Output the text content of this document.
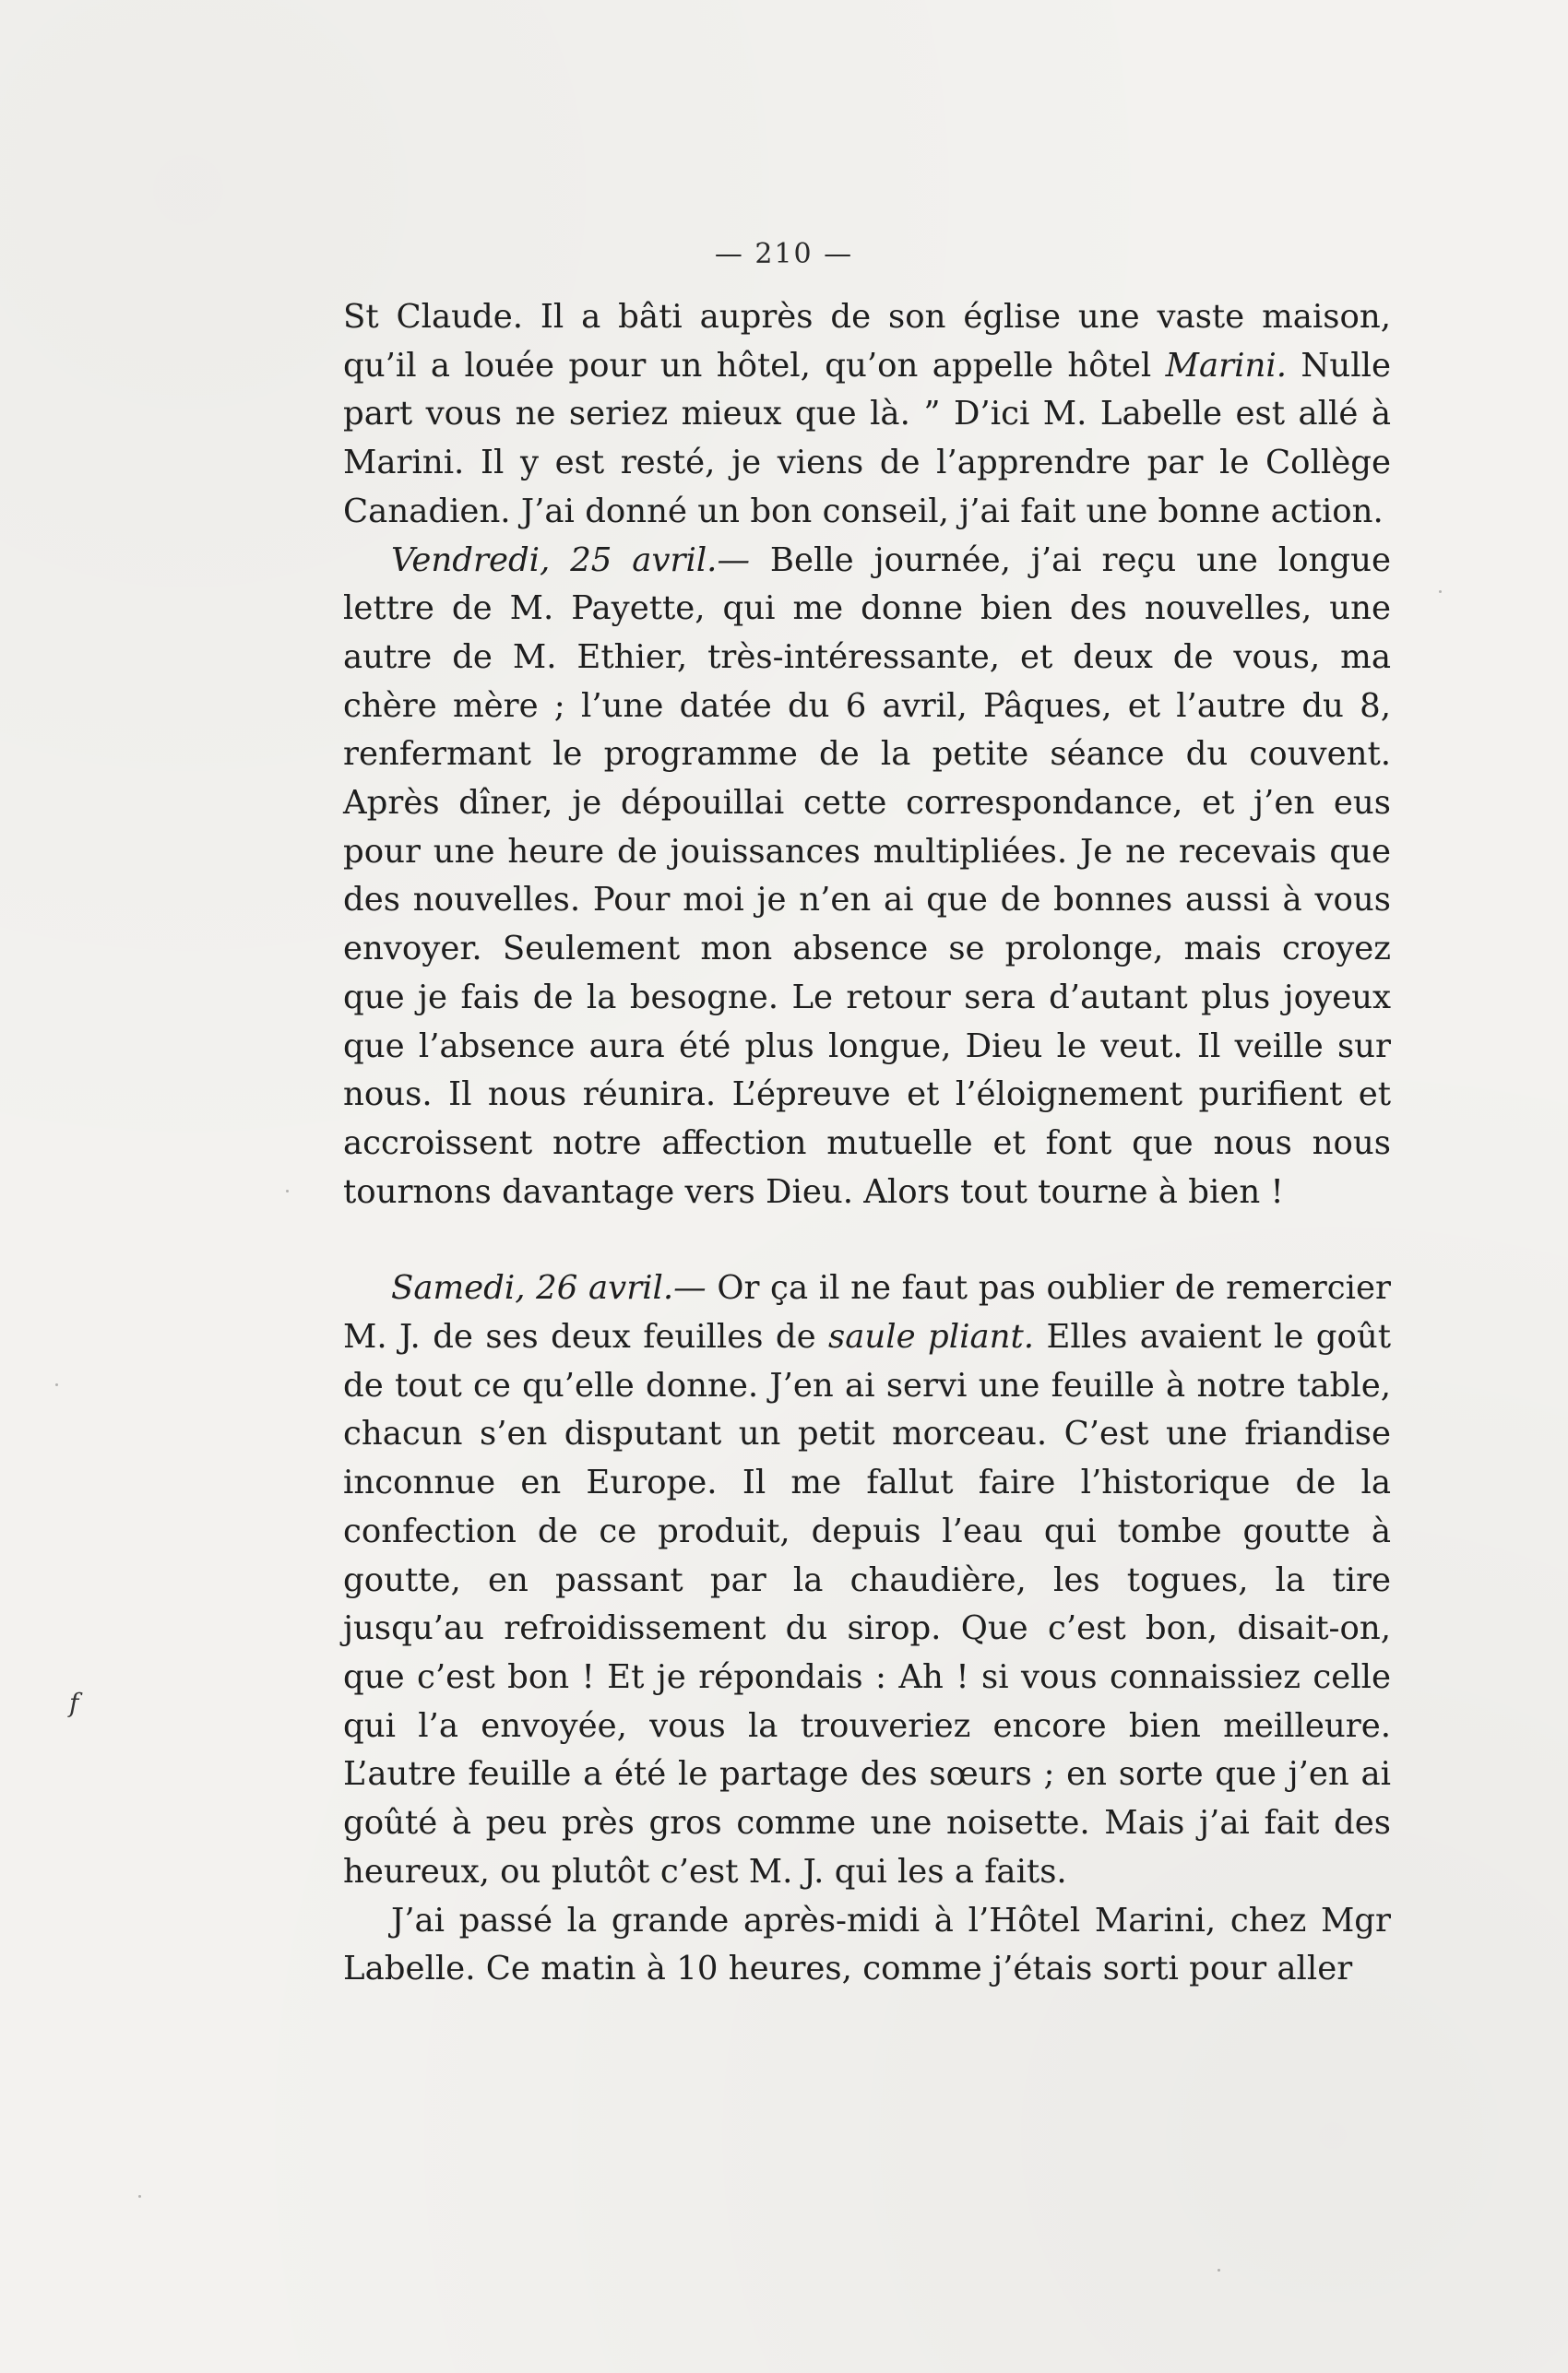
— 210 —
f

St Claude. Il a bâti auprès de son église une vaste maison, qu’il a louée pour un hôtel, qu’on appelle hôtel Marini. Nulle part vous ne seriez mieux que là. ” D’ici M. Labelle est allé à Marini. Il y est resté, je viens de l’apprendre par le Collège Canadien. J’ai donné un bon conseil, j’ai fait une bonne action.

Vendredi, 25 avril.— Belle journée, j’ai reçu une longue lettre de M. Payette, qui me donne bien des nouvelles, une autre de M. Ethier, très-intéressante, et deux de vous, ma chère mère ; l’une datée du 6 avril, Pâques, et l’autre du 8, renfermant le programme de la petite séance du couvent. Après dîner, je dépouillai cette correspondance, et j’en eus pour une heure de jouissances multipliées. Je ne recevais que des nouvelles. Pour moi je n’en ai que de bonnes aussi à vous envoyer. Seulement mon absence se prolonge, mais croyez que je fais de la besogne. Le retour sera d’autant plus joyeux que l’absence aura été plus longue, Dieu le veut. Il veille sur nous. Il nous réunira. L’épreuve et l’éloignement purifient et accroissent notre affection mutuelle et font que nous nous tournons davantage vers Dieu. Alors tout tourne à bien !

Samedi, 26 avril.— Or ça il ne faut pas oublier de remercier M. J. de ses deux feuilles de saule pliant. Elles avaient le goût de tout ce qu’elle donne. J’en ai servi une feuille à notre table, chacun s’en disputant un petit morceau. C’est une friandise inconnue en Europe. Il me fallut faire l’historique de la confection de ce produit, depuis l’eau qui tombe goutte à goutte, en passant par la chaudière, les togues, la tire jusqu’au refroidissement du sirop. Que c’est bon, disait-on, que c’est bon ! Et je répondais : Ah ! si vous connaissiez celle qui l’a envoyée, vous la trouveriez encore bien meilleure. L’autre feuille a été le partage des sœurs ; en sorte que j’en ai goûté à peu près gros comme une noisette. Mais j’ai fait des heureux, ou plutôt c’est M. J. qui les a faits.

J’ai passé la grande après-midi à l’Hôtel Marini, chez Mgr Labelle. Ce matin à 10 heures, comme j’étais sorti pour aller
